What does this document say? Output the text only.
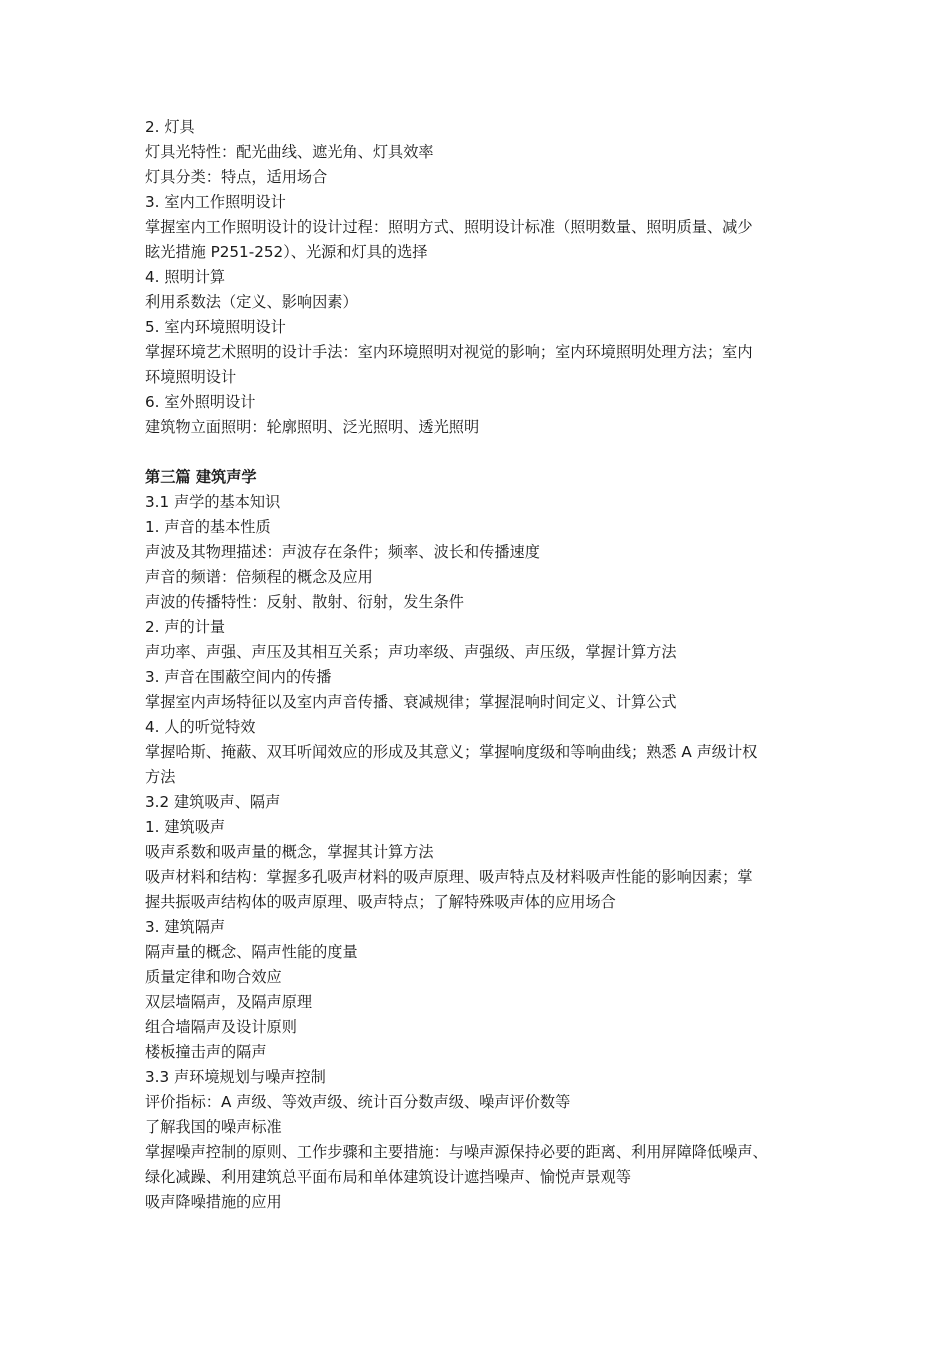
2. 灯具
灯具光特性：配光曲线、遮光角、灯具效率
灯具分类：特点，适用场合
3. 室内工作照明设计
掌握室内工作照明设计的设计过程：照明方式、照明设计标准（照明数量、照明质量、减少
眩光措施 P251-252）、光源和灯具的选择
4. 照明计算
利用系数法（定义、影响因素）
5. 室内环境照明设计
掌握环境艺术照明的设计手法：室内环境照明对视觉的影响；室内环境照明处理方法；室内
环境照明设计
6. 室外照明设计
建筑物立面照明：轮廓照明、泛光照明、透光照明
第三篇 建筑声学
3.1 声学的基本知识
1. 声音的基本性质
声波及其物理描述：声波存在条件；频率、波长和传播速度
声音的频谱：倍频程的概念及应用
声波的传播特性：反射、散射、衍射，发生条件
2. 声的计量
声功率、声强、声压及其相互关系；声功率级、声强级、声压级，掌握计算方法
3. 声音在围蔽空间内的传播
掌握室内声场特征以及室内声音传播、衰减规律；掌握混响时间定义、计算公式
4. 人的听觉特效
掌握哈斯、掩蔽、双耳听闻效应的形成及其意义；掌握响度级和等响曲线；熟悉 A 声级计权
方法
3.2 建筑吸声、隔声
1. 建筑吸声
吸声系数和吸声量的概念，掌握其计算方法
吸声材料和结构：掌握多孔吸声材料的吸声原理、吸声特点及材料吸声性能的影响因素；掌
握共振吸声结构体的吸声原理、吸声特点；了解特殊吸声体的应用场合
3. 建筑隔声
隔声量的概念、隔声性能的度量
质量定律和吻合效应
双层墙隔声，及隔声原理
组合墙隔声及设计原则
楼板撞击声的隔声
3.3 声环境规划与噪声控制
评价指标：A 声级、等效声级、统计百分数声级、噪声评价数等
了解我国的噪声标准
掌握噪声控制的原则、工作步骤和主要措施：与噪声源保持必要的距离、利用屏障降低噪声、
绿化减躁、利用建筑总平面布局和单体建筑设计遮挡噪声、愉悦声景观等
吸声降噪措施的应用
